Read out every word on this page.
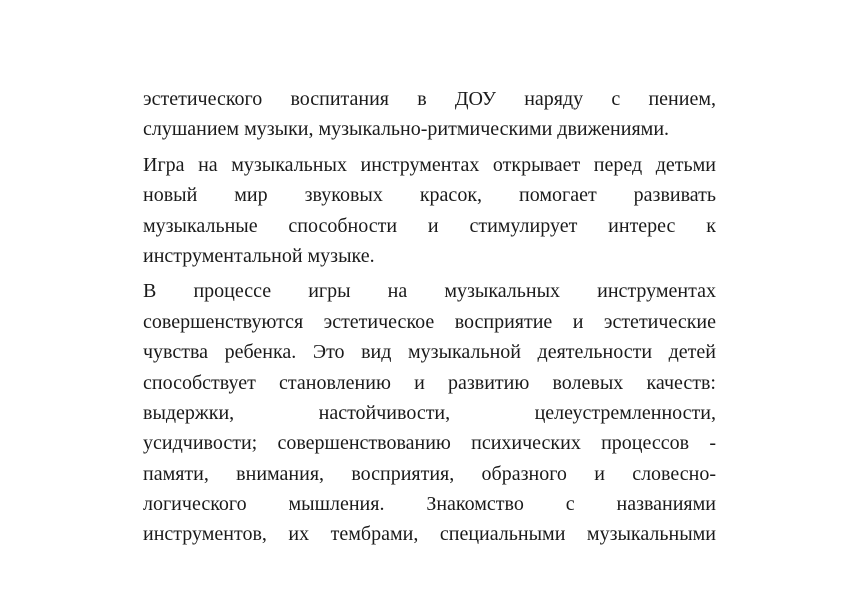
эстетического воспитания в ДОУ наряду с пением,
слушанием музыки, музыкально-ритмическими движениями.
Игра на музыкальных инструментах открывает перед детьми
новый мир звуковых красок, помогает развивать
музыкальные способности и стимулирует интерес к
инструментальной музыке.
В процессе игры на музыкальных инструментах
совершенствуются эстетическое восприятие и эстетические
чувства ребенка. Это вид музыкальной деятельности детей
способствует становлению и развитию волевых качеств:
выдержки, настойчивости, целеустремленности,
усидчивости; совершенствованию психических процессов -
памяти, внимания, восприятия, образного и словесно-
логического мышления. Знакомство с названиями
инструментов, их тембрами, специальными музыкальными
